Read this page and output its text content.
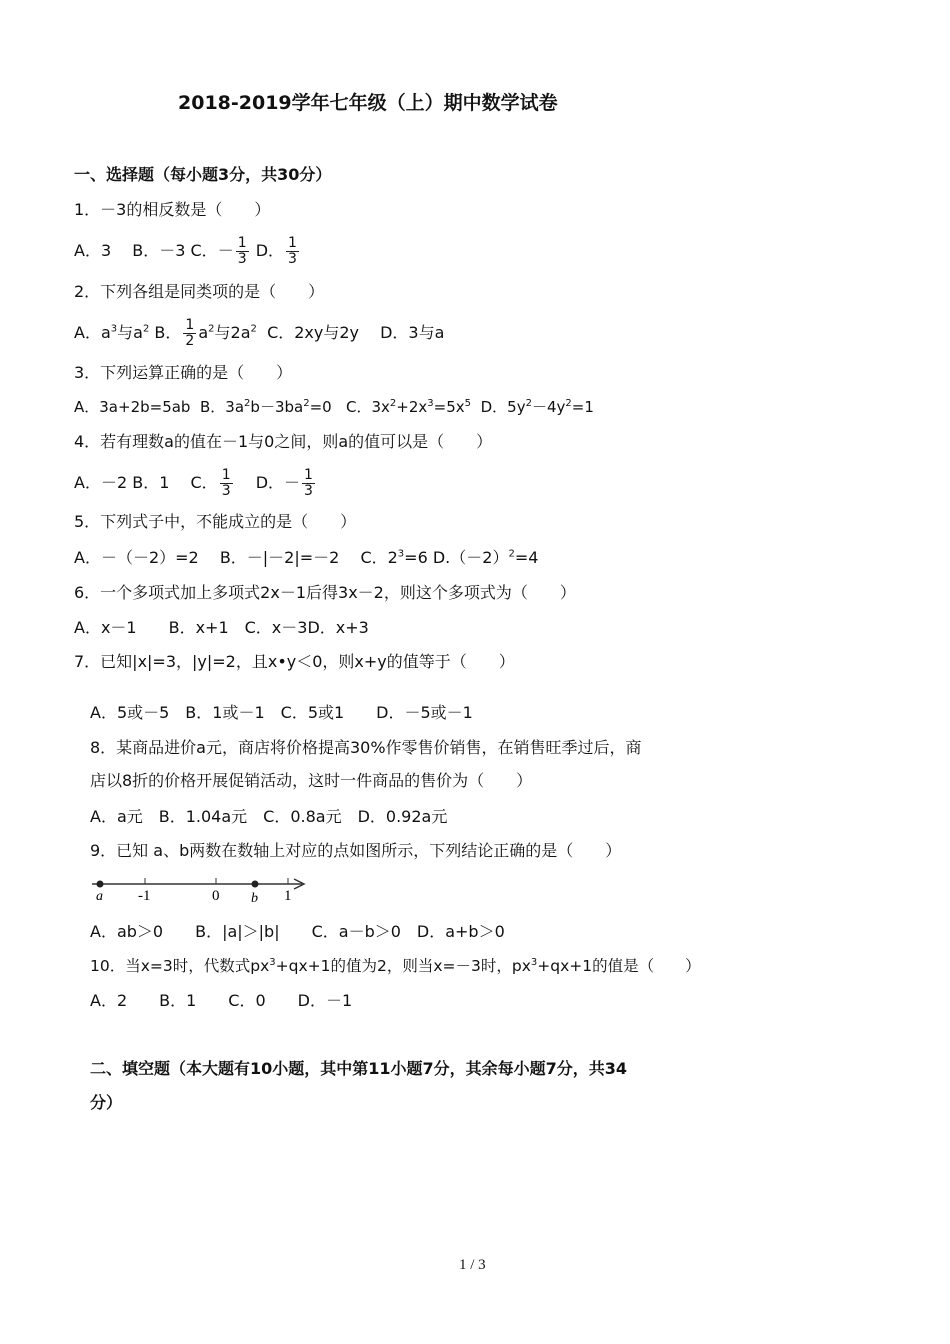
2018-2019学年七年级（上）期中数学试卷
一、选择题（每小题3分，共30分）
1．－3的相反数是（　　）
A．3　 B．－3 C．－ $\frac{1}{3}$ D． $\frac{1}{3}$
2．下列各组是同类项的是（　　）
A．$a^3$与$a^2$ B． $\frac{1}{2} a^2$与$2a^2$ C．2xy与2y　 D．3与a
3．下列运算正确的是（　　）
A．3a+2b=5ab B．$3a^2b-3ba^2=0$ C．$3x^2+2x^3=5x^5$ D．$5y^2-4y^2=1$
4．若有理数a的值在－1与0之间，则a的值可以是（　　）
A．－2 B．1　 C． $\frac{1}{3}$
　 D．－ $\frac{1}{3}$
5．下列式子中，不能成立的是（　　）
A．－（－2）=2　 B．－|－2|=－2　 C．$2^3=6$ $D.(-2)^2=4$
6．一个多项式加上多项式2x－1后得3x－2，则这个多项式为（　　）
A．x－1　　B．x+1　C．x－3D．x+3
7．已知|x|=3，|y|=2，且x•y＜0，则x+y的值等于（　　）
A．5或－5　B．1或－1　C．5或1　　D．－5或－1
8．某商品进价a元，商店将价格提高30%作零售价销售，在销售旺季过后，商
店以8折的价格开展促销活动，这时一件商品的售价为（　　）
A．a元　B．1.04a元　C．0.8a元　D．0.92a元
9．已知 a、b两数在数轴上对应的点如图所示，下列结论正确的是（　　）
a -1	0 b 1
A．ab＞0　　B．|a|＞|b|　　C．a－b＞0　D．a+b＞0
10．当x=3时，代数式$px^3+qx+1$的值为2，则当x=－3时，$px^3+qx+1$的值是（　　）
A．2　　B．1　　C．0　　D．－1
二、填空题（本大题有10小题，其中第11小题7分，其余每小题7分，共34
分）
1 / 3
